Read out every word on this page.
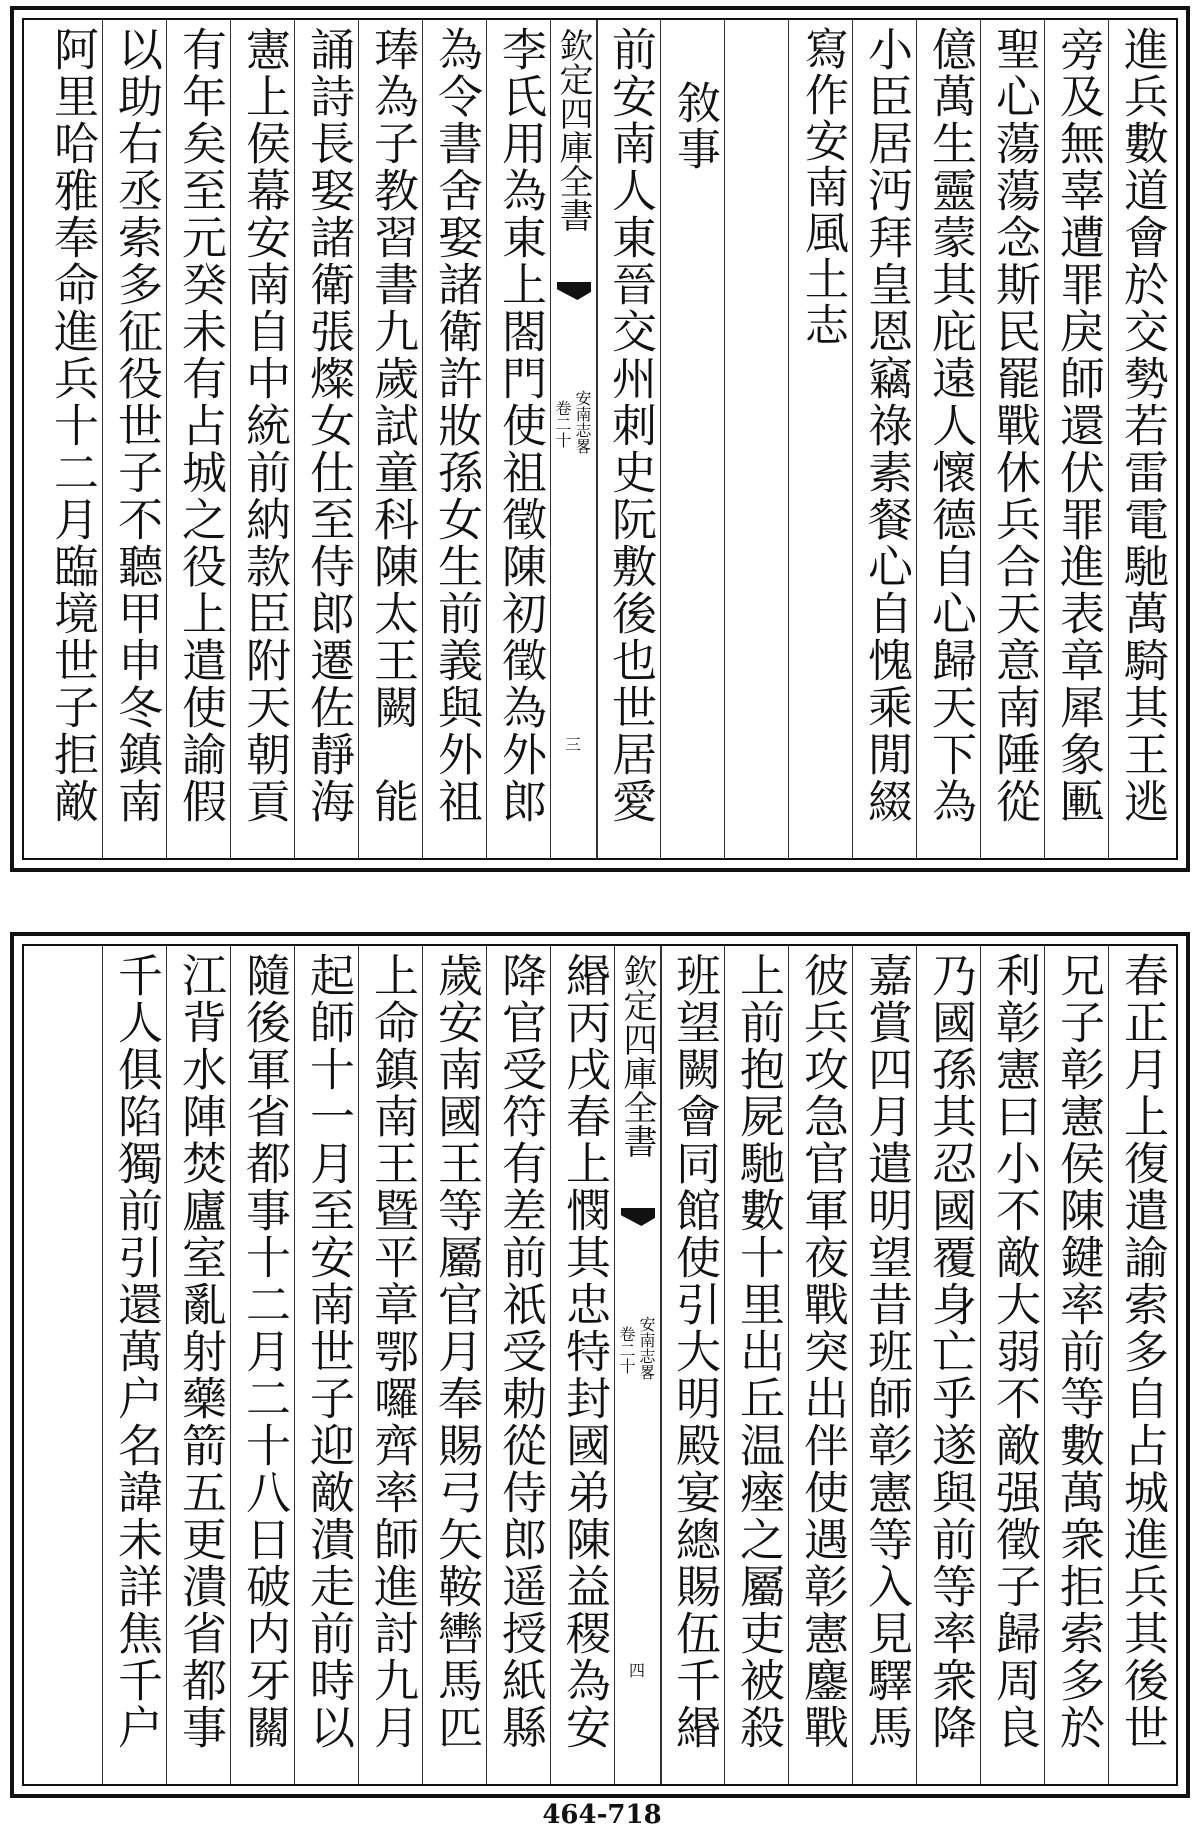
進兵數道會於交勢若雷電馳萬騎其王逃
旁及無辜遭罪戾師還伏罪進表章犀象匭
聖心蕩蕩念斯民罷戰休兵合天意南陲從
億萬生靈蒙其庇遠人懷德自心歸天下為
小臣居沔拜皇恩竊祿素餐心自愧乘閒綴
寫作安南風土志
敘事
前安南人東晉交州刺史阮敷後也世居愛
欽定四庫全書
安南志畧
卷二十
三
李氏用為東上閤門使祖徵陳初徵為外郎
為令書舍娶諸衛許妝孫女生前義與外祖
琫為子教習書九歲試童科陳太王闕　能
誦詩長娶諸衛張燦女仕至侍郎遷佐靜海
憲上侯幕安南自中統前納款臣附天朝貢
有年矣至元癸未有占城之役上遣使諭假
以助右丞索多征役世子不聽甲申冬鎮南
阿里哈雅奉命進兵十二月臨境世子拒敵
春正月上復遣諭索多自占城進兵其後世
兄子彰憲侯陳鍵率前等數萬衆拒索多於
利彰憲曰小不敵大弱不敵强徵子歸周良
乃國孫其忍國覆身亡乎遂與前等率衆降
嘉賞四月遣明望昔班師彰憲等入見驛馬
彼兵攻急官軍夜戰突出伴使遇彰憲鏖戰
上前抱屍馳數十里出丘温瘞之屬吏被殺
班望闕會同館使引大明殿宴總賜伍千緡
欽定四庫全書
安南志畧
卷二十
四
緡丙戌春上憫其忠特封國弟陳益稷為安
降官受符有差前祇受勅從侍郎遥授紙縣
歲安南國王等屬官月奉賜弓矢鞍轡馬匹
上命鎮南王暨平章鄂囉齊率師進討九月
起師十一月至安南世子迎敵潰走前時以
隨後軍省都事十二月二十八日破内牙關
江背水陣焚廬室亂射藥箭五更潰省都事
千人俱陷獨前引還萬户名諱未詳焦千户
464-718
